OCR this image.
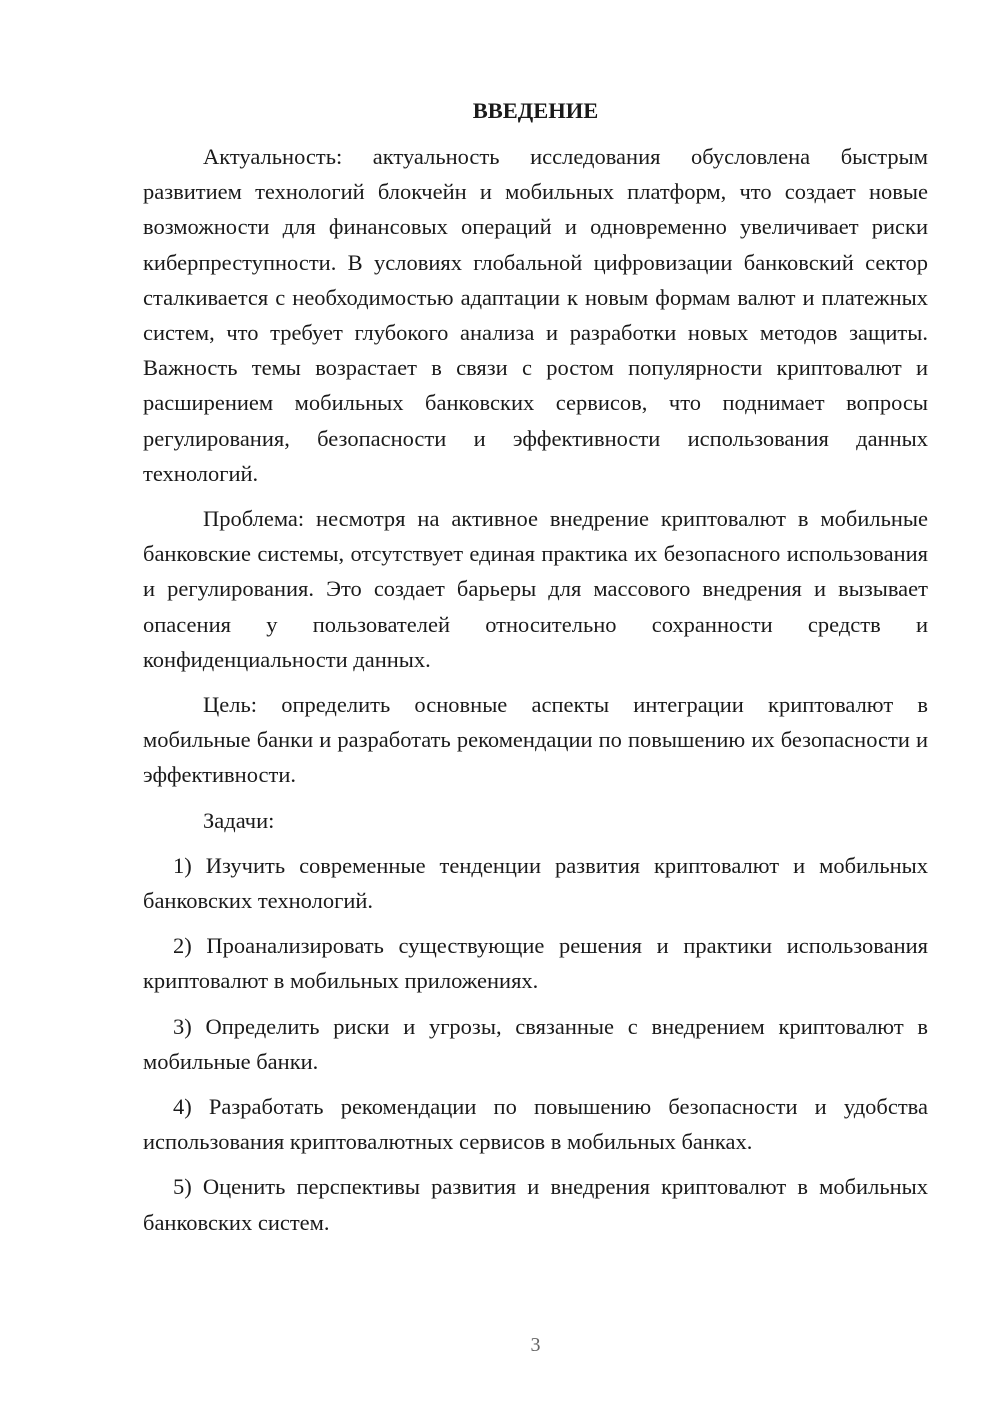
ВВЕДЕНИЕ

Актуальность: актуальность исследования обусловлена быстрым развитием технологий блокчейн и мобильных платформ, что создает новые возможности для финансовых операций и одновременно увеличивает риски киберпреступности. В условиях глобальной цифровизации банковский сектор сталкивается с необходимостью адаптации к новым формам валют и платежных систем, что требует глубокого анализа и разработки новых методов защиты. Важность темы возрастает в связи с ростом популярности криптовалют и расширением мобильных банковских сервисов, что поднимает вопросы регулирования, безопасности и эффективности использования данных технологий.

Проблема: несмотря на активное внедрение криптовалют в мобильные банковские системы, отсутствует единая практика их безопасного использования и регулирования. Это создает барьеры для массового внедрения и вызывает опасения у пользователей относительно сохранности средств и конфиденциальности данных.

Цель: определить основные аспекты интеграции криптовалют в мобильные банки и разработать рекомендации по повышению их безопасности и эффективности.

Задачи:

1) Изучить современные тенденции развития криптовалют и мобильных банковских технологий.

2) Проанализировать существующие решения и практики использования криптовалют в мобильных приложениях.

3) Определить риски и угрозы, связанные с внедрением криптовалют в мобильные банки.

4) Разработать рекомендации по повышению безопасности и удобства использования криптовалютных сервисов в мобильных банках.

5) Оценить перспективы развития и внедрения криптовалют в мобильных банковских систем.

3
